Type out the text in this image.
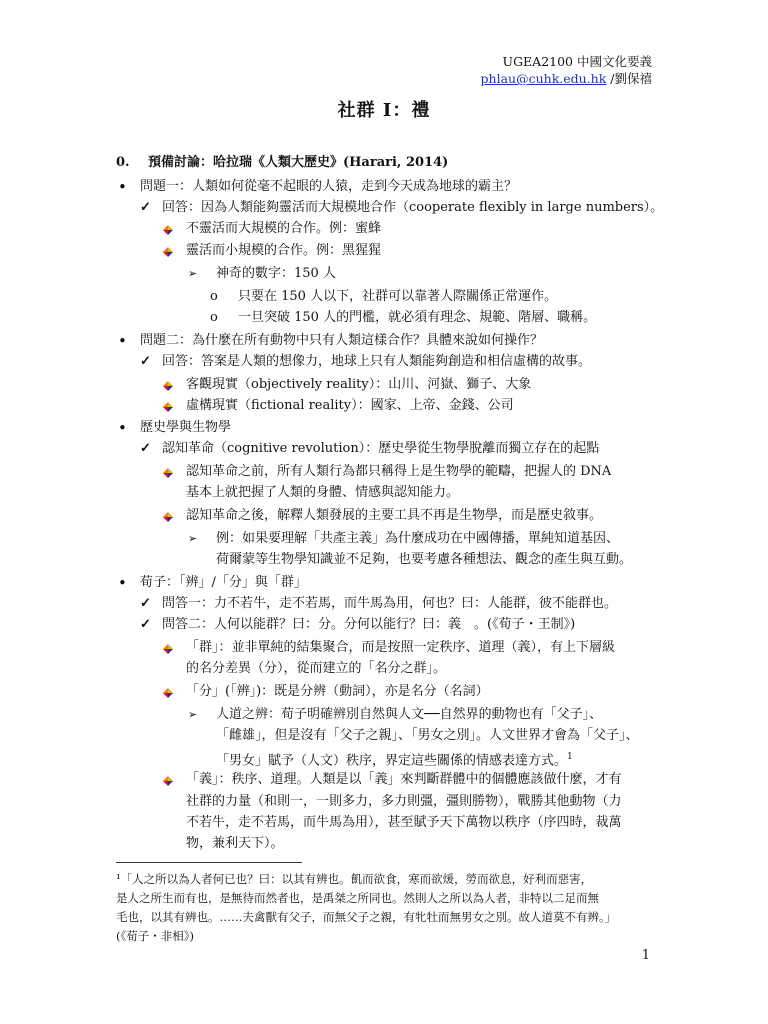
UGEA2100 中國文化要義
phlau@cuhk.edu.hk /劉保禧
社群 I：禮
0. 預備討論：哈拉瑞《人類大歷史》(Harari, 2014)
• 問題一：人類如何從毫不起眼的人猿，走到今天成為地球的霸主？
✓ 回答：因為人類能夠靈活而大規模地合作（cooperate flexibly in large numbers）。
不靈活而大規模的合作。例：蜜蜂
靈活而小規模的合作。例：黑猩猩
➢ 神奇的數字：150 人
o 只要在 150 人以下，社群可以靠著人際關係正常運作。
o 一旦突破 150 人的門檻，就必須有理念、規範、階層、職稱。
• 問題二：為什麼在所有動物中只有人類這樣合作？具體來說如何操作？
✓ 回答：答案是人類的想像力，地球上只有人類能夠創造和相信虛構的故事。
客觀現實（objectively reality）：山川、河嶽、獅子、大象
虛構現實（fictional reality）：國家、上帝、金錢、公司
• 歷史學與生物學
✓ 認知革命（cognitive revolution）：歷史學從生物學脫離而獨立存在的起點
認知革命之前，所有人類行為都只稱得上是生物學的範疇，把握人的 DNA
基本上就把握了人類的身體、情感與認知能力。
認知革命之後，解釋人類發展的主要工具不再是生物學，而是歷史敘事。
➢ 例：如果要理解「共產主義」為什麼成功在中國傳播，單純知道基因、
荷爾蒙等生物學知識並不足夠，也要考慮各種想法、觀念的產生與互動。
• 荀子：「辨」/「分」與「群」
✓ 問答一：力不若牛，走不若馬，而牛馬為用，何也？曰：人能群，彼不能群也。
✓ 問答二：人何以能群？曰：分。分何以能行？曰：義　。(《荀子・王制》)
「群」：並非單純的結集聚合，而是按照一定秩序、道理（義），有上下層級
的名分差異（分），從而建立的「名分之群」。
「分」(「辨」)：既是分辨（動詞），亦是名分（名詞）
➢ 人道之辨：荀子明確辨別自然與人文──自然界的動物也有「父子」、
「雌雄」，但是沒有「父子之親」、「男女之別」。人文世界才會為「父子」、
「男女」賦予（人文）秩序，界定這些關係的情感表達方式。$^1$
「義」：秩序、道理。人類是以「義」來判斷群體中的個體應該做什麼，才有
社群的力量（和則一，一則多力，多力則彊，彊則勝物），戰勝其他動物（力
不若牛，走不若馬，而牛馬為用），甚至賦予天下萬物以秩序（序四時，裁萬
物，兼利天下）。
¹「人之所以為人者何已也？曰：以其有辨也。飢而欲食，寒而欲煖，勞而欲息，好利而惡害，
是人之所生而有也，是無待而然者也，是禹桀之所同也。然則人之所以為人者，非特以二足而無
毛也，以其有辨也。……夫禽獸有父子，而無父子之親，有牝牡而無男女之別。故人道莫不有辨。」
(《荀子・非相》)
1
